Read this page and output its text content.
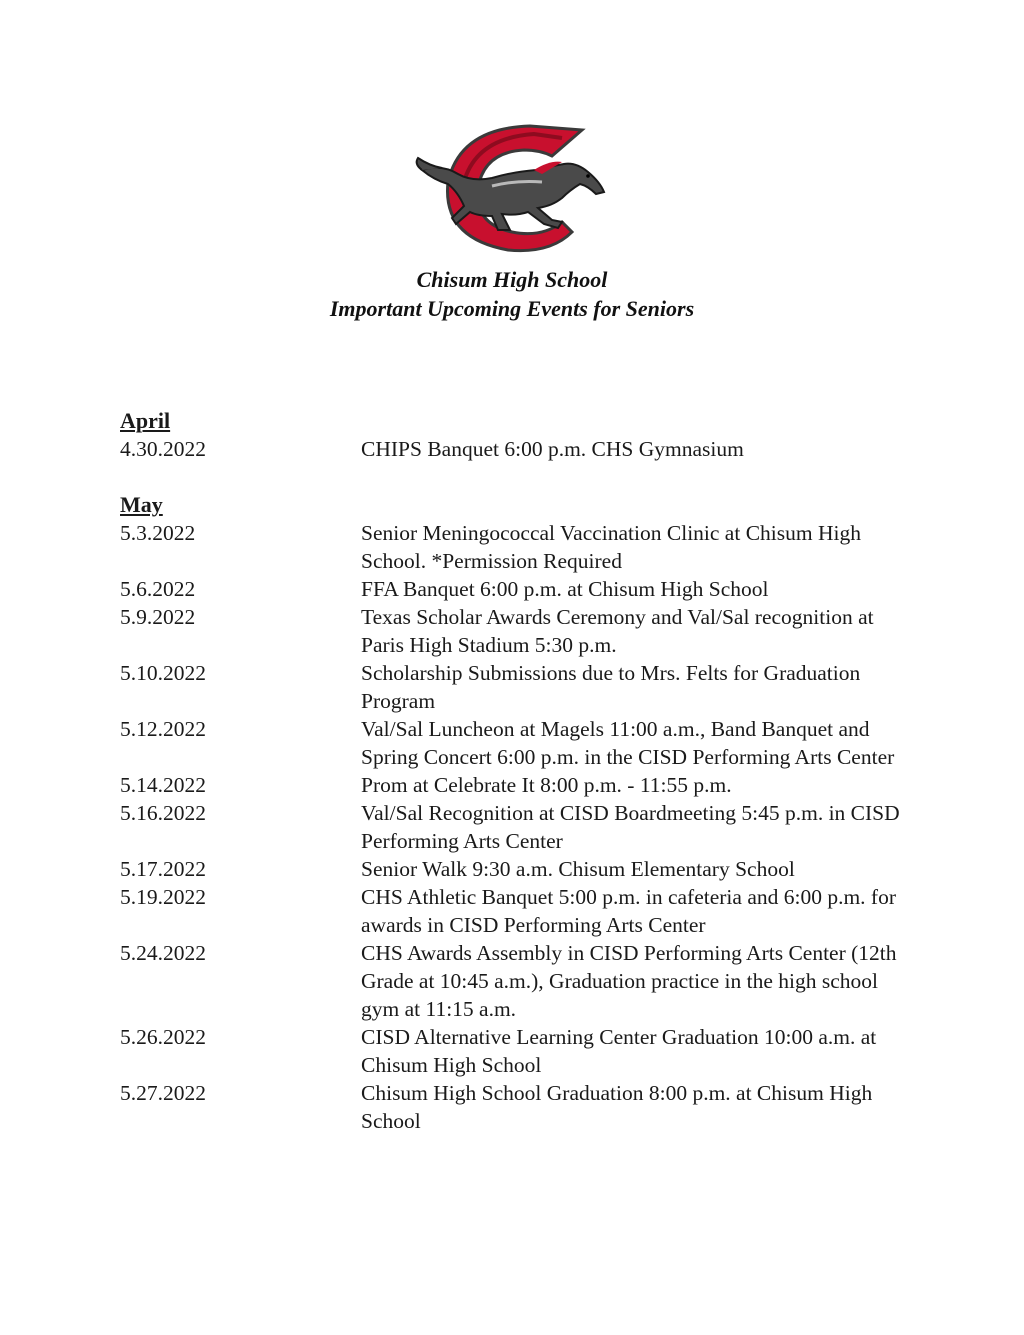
Chisum High School
Important Upcoming Events for Seniors
April
4.30.2022	CHIPS Banquet 6:00 p.m. CHS Gymnasium
May
5.3.2022	Senior Meningococcal Vaccination Clinic at Chisum High School. *Permission Required
5.6.2022	FFA Banquet 6:00 p.m. at Chisum High School
5.9.2022	Texas Scholar Awards Ceremony and Val/Sal recognition at Paris High Stadium 5:30 p.m.
5.10.2022	Scholarship Submissions due to Mrs. Felts for Graduation Program
5.12.2022	Val/Sal Luncheon at Magels 11:00 a.m., Band Banquet and Spring Concert 6:00 p.m. in the CISD Performing Arts Center
5.14.2022	Prom at Celebrate It 8:00 p.m. - 11:55 p.m.
5.16.2022	Val/Sal Recognition at CISD Boardmeeting 5:45 p.m. in CISD Performing Arts Center
5.17.2022	Senior Walk 9:30 a.m. Chisum Elementary School
5.19.2022	CHS Athletic Banquet 5:00 p.m. in cafeteria and 6:00 p.m. for awards in CISD Performing Arts Center
5.24.2022	CHS Awards Assembly in CISD Performing Arts Center (12th Grade at 10:45 a.m.), Graduation practice in the high school gym at 11:15 a.m.
5.26.2022	CISD Alternative Learning Center Graduation 10:00 a.m. at Chisum High School
5.27.2022	Chisum High School Graduation 8:00 p.m. at Chisum High School
